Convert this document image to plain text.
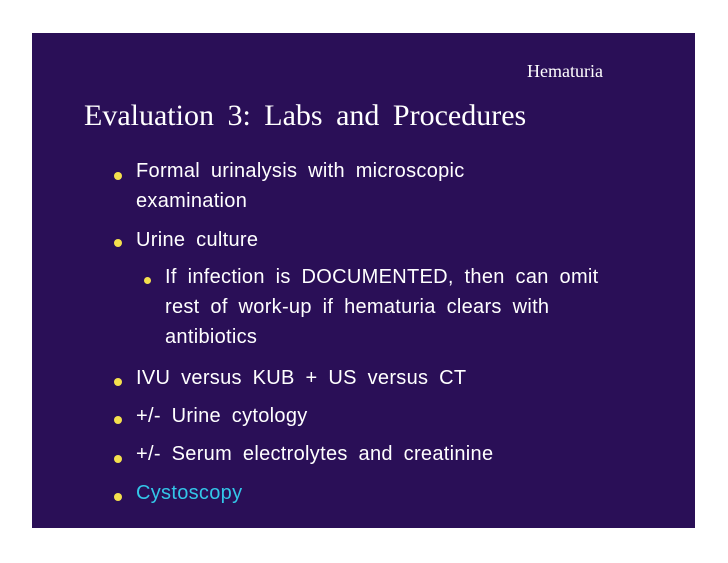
Hematuria
Evaluation 3: Labs and Procedures
Formal urinalysis with microscopic examination
Urine culture
If infection is DOCUMENTED, then can omit rest of work-up if hematuria clears with antibiotics
IVU versus KUB + US versus CT
+/- Urine cytology
+/- Serum electrolytes and creatinine
Cystoscopy
